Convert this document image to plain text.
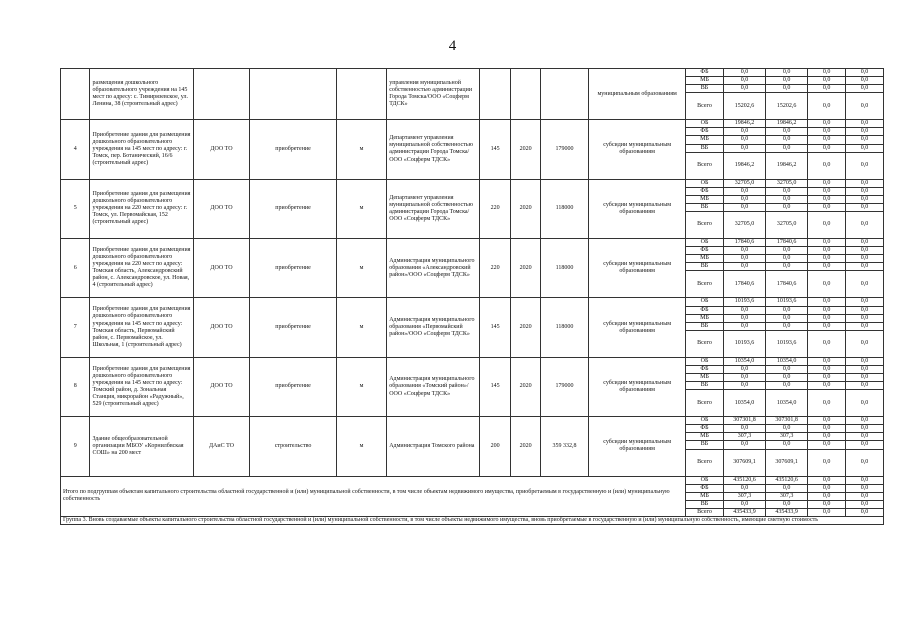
4
	размещения дошкольного образовательного учреждения на 145 мест по адресу: с. Тимирязевское, ул. Ленина, 38 (строительный адрес)				управления муниципальной собственностью администрации Города Томска/ООО «Соцферм ТДСК»				муниципальным образованиям	ФБ	0,0	0,0	0,0	0,0
										МБ	0,0	0,0	0,0	0,0
										ВБ	0,0	0,0	0,0	0,0
										Всего	15202,6	15202,6	0,0	0,0
4	Приобретение здания для размещения дошкольного образовательного учреждения на 145 мест по адресу: г. Томск, пер. Ботанический, 16/6 (строительный адрес)	ДОО ТО	приобретение	м	Департамент управления муниципальной собственностью администрации Города Томска/ООО «Соцферм ТДСК»	145	2020	179000	субсидии муниципальным образованиям	ОБ	19846,2	19846,2	0,0	0,0
										ФБ	0,0	0,0	0,0	0,0
										МБ	0,0	0,0	0,0	0,0
										ВБ	0,0	0,0	0,0	0,0
										Всего	19846,2	19846,2	0,0	0,0
5	Приобретение здания для размещения дошкольного образовательного учреждения на 220 мест по адресу: г. Томск, ул. Первомайская, 152 (строительный адрес)	ДОО ТО	приобретение	м	Департамент управления муниципальной собственностью администрации Города Томска/ООО «Соцферм ТДСК»	220	2020	118000	субсидии муниципальным образованиям	ОБ	32705,0	32705,0	0,0	0,0
										ФБ	0,0	0,0	0,0	0,0
										МБ	0,0	0,0	0,0	0,0
										ВБ	0,0	0,0	0,0	0,0
										Всего	32705,0	32705,0	0,0	0,0
6	Приобретение здания для размещения дошкольного образовательного учреждения на 220 мест по адресу: Томская область, Александровский район, с. Александровское, ул. Новая, 4 (строительный адрес)	ДОО ТО	приобретение	м	Администрация муниципального образования «Александровский район»/ООО «Соцферм ТДСК»	220	2020	118000	субсидии муниципальным образованиям	ОБ	17840,6	17840,6	0,0	0,0
										ФБ	0,0	0,0	0,0	0,0
										МБ	0,0	0,0	0,0	0,0
										ВБ	0,0	0,0	0,0	0,0
										Всего	17840,6	17840,6	0,0	0,0
7	Приобретение здания для размещения дошкольного образовательного учреждения на 145 мест по адресу: Томская область, Первомайский район, с. Первомайское, ул. Школьная, 1 (строительный адрес)	ДОО ТО	приобретение	м	Администрация муниципального образования «Первомайский район»/ООО «Соцферм ТДСК»	145	2020	118000	субсидии муниципальным образованиям	ОБ	10193,6	10193,6	0,0	0,0
										ФБ	0,0	0,0	0,0	0,0
										МБ	0,0	0,0	0,0	0,0
										ВБ	0,0	0,0	0,0	0,0
										Всего	10193,6	10193,6	0,0	0,0
8	Приобретение здания для размещения дошкольного образовательного учреждения на 145 мест по адресу: Томский район, д. Зональная Станция, микрорайон «Радужный», 529 (строительный адрес)	ДОО ТО	приобретение	м	Администрация муниципального образования «Томский район»/ООО «Соцферм ТДСК»	145	2020	179000	субсидии муниципальным образованиям	ОБ	10354,0	10354,0	0,0	0,0
										ФБ	0,0	0,0	0,0	0,0
										МБ	0,0	0,0	0,0	0,0
										ВБ	0,0	0,0	0,0	0,0
										Всего	10354,0	10354,0	0,0	0,0
9	Здание общеобразовательной организации МБОУ «Корнилбвская СОШ» на 200 мест	ДАиС ТО	строительство	м	Администрация Томского района	200	2020	359 332,8	субсидии муниципальным образованиям	ОБ	307301,8	307301,8	0,0	0,0
										ФБ	0,0	0,0	0,0	0,0
										МБ	307,3	307,3	0,0	0,0
										ВБ	0,0	0,0	0,0	0,0
										Всего	307609,1	307609,1	0,0	0,0
Итого по подгруппам объектам капитального строительства областной государственной и (или) муниципальной собственности, в том числе объектам недвижимого имущества, приобретаемым в государственную и (или) муниципальную собственность										ОБ	435120,6	435120,6	0,0	0,0
										ФБ	0,0	0,0	0,0	0,0
										МБ	307,3	307,3	0,0	0,0
										ВБ	0,0	0,0	0,0	0,0
										Всего	435433,9	435433,9	0,0	0,0
Группа 3. Вновь создаваемые объекты капитального строительства областной государственной и (или) муниципальной собственности, в том числе объекты недвижимого имущества, вновь приобретаемые в государственную и (или) муниципальную собственность, имеющие сметную стоимость														
